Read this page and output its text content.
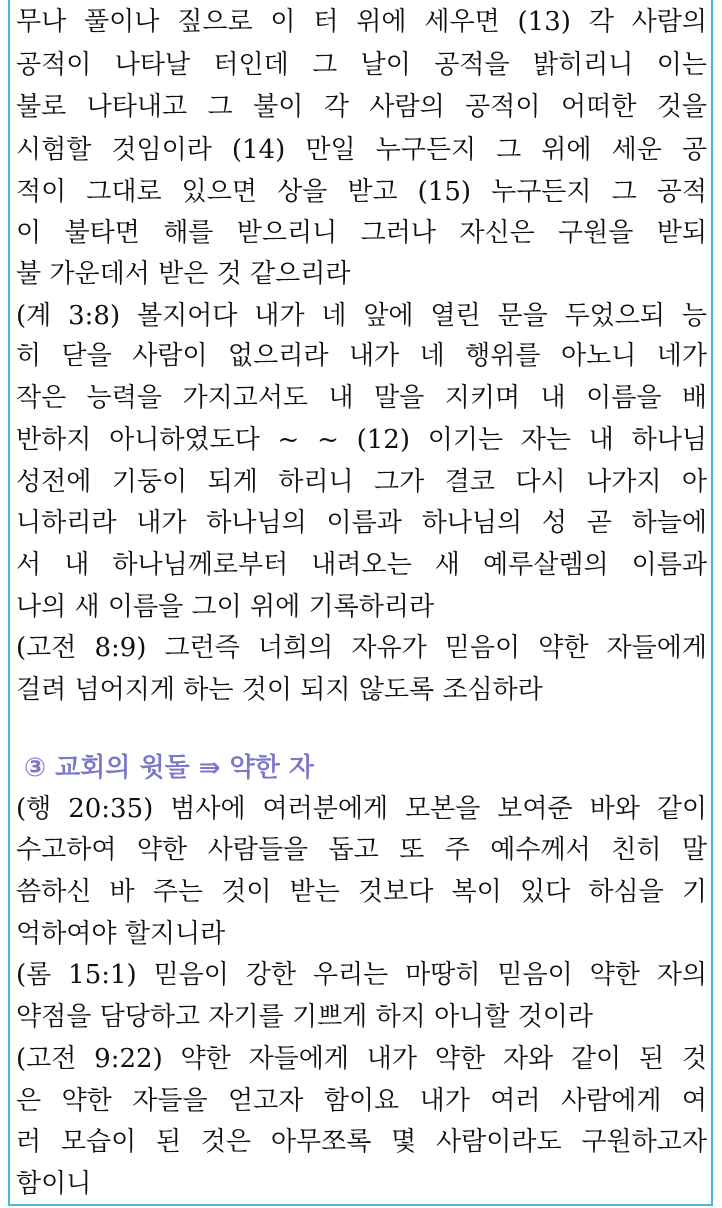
무나 풀이나 짚으로 이 터 위에 세우면 (13) 각 사람의
공적이 나타날 터인데 그 날이 공적을 밝히리니 이는
불로 나타내고 그 불이 각 사람의 공적이 어떠한 것을
시험할 것임이라 (14) 만일 누구든지 그 위에 세운 공
적이 그대로 있으면 상을 받고 (15) 누구든지 그 공적
이 불타면 해를 받으리니 그러나 자신은 구원을 받되
불 가운데서 받은 것 같으리라
(계 3:8) 볼지어다 내가 네 앞에 열린 문을 두었으되 능
히 닫을 사람이 없으리라 내가 네 행위를 아노니 네가
작은 능력을 가지고서도 내 말을 지키며 내 이름을 배
반하지 아니하였도다 ~ ~ (12) 이기는 자는 내 하나님
성전에 기둥이 되게 하리니 그가 결코 다시 나가지 아
니하리라 내가 하나님의 이름과 하나님의 성 곧 하늘에
서 내 하나님께로부터 내려오는 새 예루살렘의 이름과
나의 새 이름을 그이 위에 기록하리라
(고전 8:9) 그런즉 너희의 자유가 믿음이 약한 자들에게
걸려 넘어지게 하는 것이 되지 않도록 조심하라
③ 교회의 윗돌 ⇛ 약한 자
(행 20:35) 범사에 여러분에게 모본을 보여준 바와 같이
수고하여 약한 사람들을 돕고 또 주 예수께서 친히 말
씀하신 바 주는 것이 받는 것보다 복이 있다 하심을 기
억하여야 할지니라
(롬 15:1) 믿음이 강한 우리는 마땅히 믿음이 약한 자의
약점을 담당하고 자기를 기쁘게 하지 아니할 것이라
(고전 9:22) 약한 자들에게 내가 약한 자와 같이 된 것
은 약한 자들을 얻고자 함이요 내가 여러 사람에게 여
러 모습이 된 것은 아무쪼록 몇 사람이라도 구원하고자
함이니
